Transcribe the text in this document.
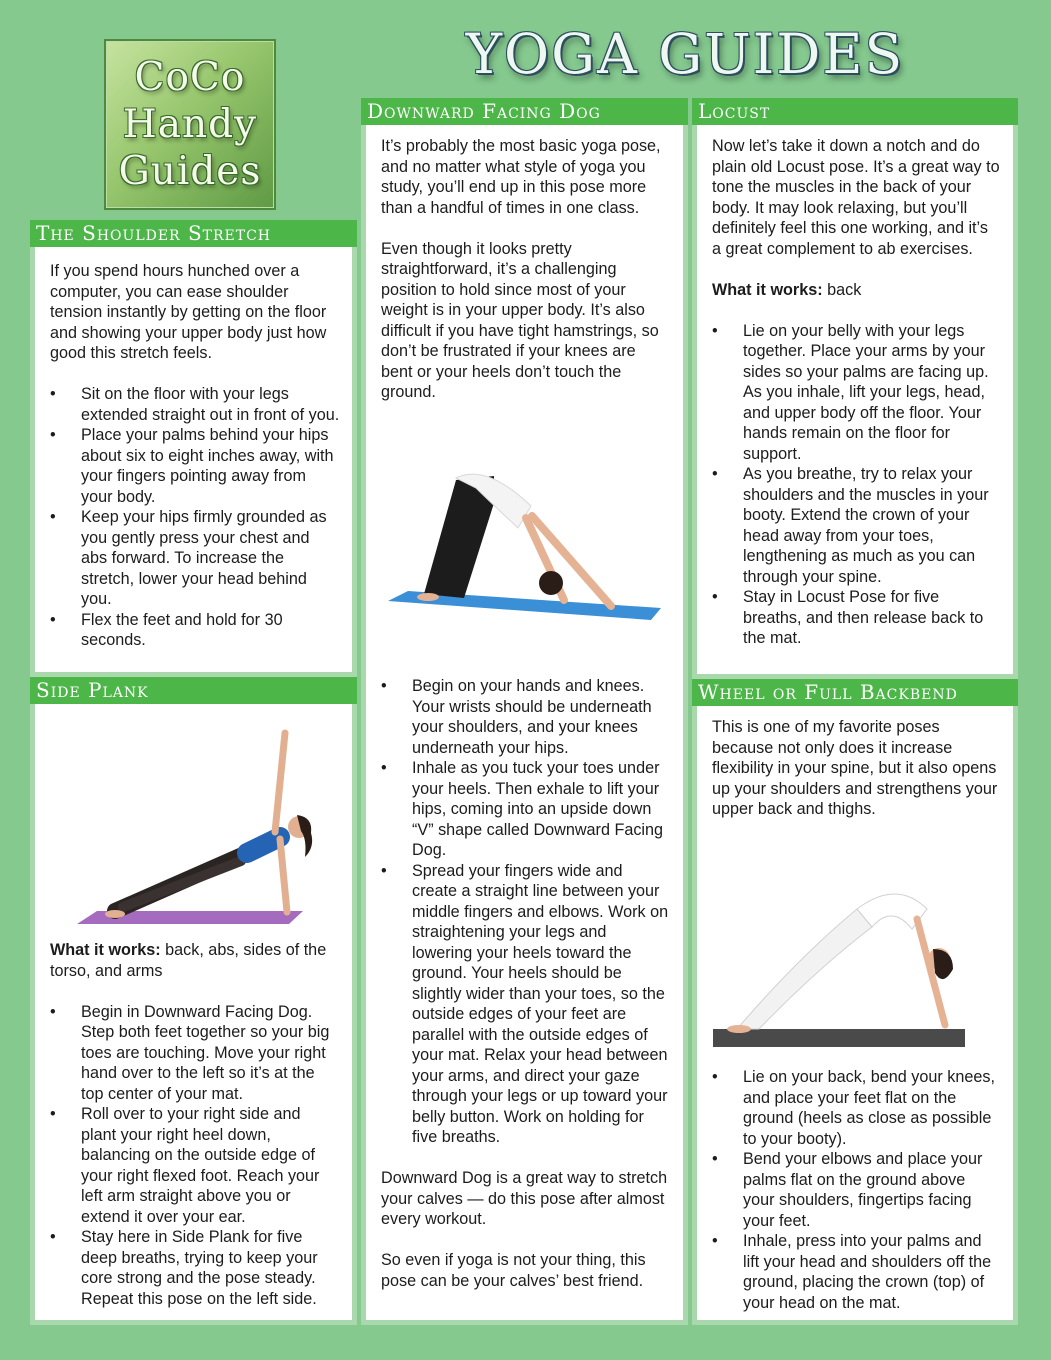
CoCo
Handy
Guides
YOGA GUIDES
The Shoulder Stretch

If you spend hours hunched over a computer, you can ease shoulder tension instantly by getting on the floor and showing your upper body just how good this stretch feels.

• Sit on the floor with your legs extended straight out in front of you.
• Place your palms behind your hips about six to eight inches away, with your fingers pointing away from your body.
• Keep your hips firmly grounded as you gently press your chest and abs forward. To increase the stretch, lower your head behind you.
• Flex the feet and hold for 30 seconds.
Side Plank

What it works: back, abs, sides of the torso, and arms

• Begin in Downward Facing Dog. Step both feet together so your big toes are touching. Move your right hand over to the left so it’s at the top center of your mat.
• Roll over to your right side and plant your right heel down, balancing on the outside edge of your right flexed foot. Reach your left arm straight above you or extend it over your ear.
• Stay here in Side Plank for five deep breaths, trying to keep your core strong and the pose steady. Repeat this pose on the left side.
Downward Facing Dog

It’s probably the most basic yoga pose, and no matter what style of yoga you study, you’ll end up in this pose more than a handful of times in one class.

Even though it looks pretty straightforward, it’s a challenging position to hold since most of your weight is in your upper body. It’s also difficult if you have tight hamstrings, so don’t be frustrated if your knees are bent or your heels don’t touch the ground.

• Begin on your hands and knees. Your wrists should be underneath your shoulders, and your knees underneath your hips.
• Inhale as you tuck your toes under your heels. Then exhale to lift your hips, coming into an upside down “V” shape called Downward Facing Dog.
• Spread your fingers wide and create a straight line between your middle fingers and elbows. Work on straightening your legs and lowering your heels toward the ground. Your heels should be slightly wider than your toes, so the outside edges of your feet are parallel with the outside edges of your mat. Relax your head between your arms, and direct your gaze through your legs or up toward your belly button. Work on holding for five breaths.

Downward Dog is a great way to stretch your calves — do this pose after almost every workout.

So even if yoga is not your thing, this pose can be your calves’ best friend.

Locust

Now let’s take it down a notch and do plain old Locust pose. It’s a great way to tone the muscles in the back of your body. It may look relaxing, but you’ll definitely feel this one working, and it’s a great complement to ab exercises.

What it works: back

• Lie on your belly with your legs together. Place your arms by your sides so your palms are facing up. As you inhale, lift your legs, head, and upper body off the floor. Your hands remain on the floor for support.
• As you breathe, try to relax your shoulders and the muscles in your booty. Extend the crown of your head away from your toes, lengthening as much as you can through your spine.
• Stay in Locust Pose for five breaths, and then release back to the mat.
Wheel or Full Backbend

This is one of my favorite poses because not only does it increase flexibility in your spine, but it also opens up your shoulders and strengthens your upper back and thighs.

• Lie on your back, bend your knees, and place your feet flat on the ground (heels as close as possible to your booty).
• Bend your elbows and place your palms flat on the ground above your shoulders, fingertips facing your feet.
• Inhale, press into your palms and lift your head and shoulders off the ground, placing the crown (top) of your head on the mat.
